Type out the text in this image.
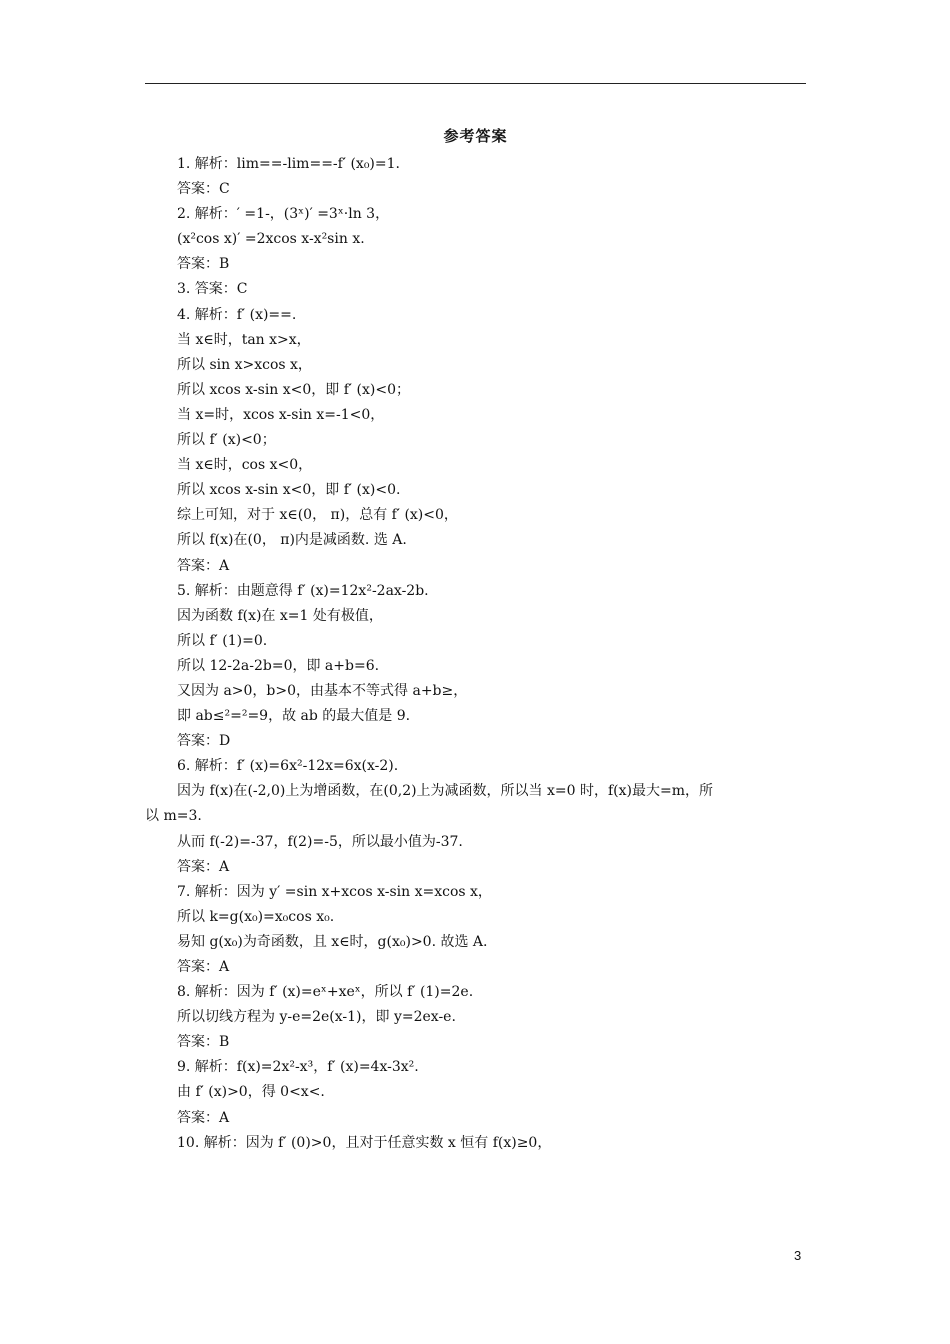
参考答案
1. 解析：lim==-lim==-f′ (x₀)=1.
答案：C
2. 解析：′ =1-，(3ˣ)′ =3ˣ·ln 3，
(x²cos x)′ =2xcos x-x²sin x.
答案：B
3. 答案：C
4. 解析：f′ (x)==.
当 x∈时，tan x>x，
所以 sin x>xcos x，
所以 xcos x-sin x<0，即 f′ (x)<0；
当 x=时，xcos x-sin x=-1<0，
所以 f′ (x)<0；
当 x∈时，cos x<0，
所以 xcos x-sin x<0，即 f′ (x)<0.
综上可知，对于 x∈(0， π)，总有 f′ (x)<0，
所以 f(x)在(0， π)内是减函数. 选 A.
答案：A
5. 解析：由题意得 f′ (x)=12x²-2ax-2b.
因为函数 f(x)在 x=1 处有极值，
所以 f′ (1)=0.
所以 12-2a-2b=0，即 a+b=6.
又因为 a>0，b>0，由基本不等式得 a+b≥，
即 ab≤²=²=9，故 ab 的最大值是 9.
答案：D
6. 解析：f′ (x)=6x²-12x=6x(x-2).
因为 f(x)在(-2,0)上为增函数，在(0,2)上为减函数，所以当 x=0 时，f(x)最大=m，所
以 m=3.
从而 f(-2)=-37，f(2)=-5，所以最小值为-37.
答案：A
7. 解析：因为 y′ =sin x+xcos x-sin x=xcos x，
所以 k=g(x₀)=x₀cos x₀.
易知 g(x₀)为奇函数，且 x∈时，g(x₀)>0. 故选 A.
答案：A
8. 解析：因为 f′ (x)=eˣ+xeˣ，所以 f′ (1)=2e.
所以切线方程为 y-e=2e(x-1)，即 y=2ex-e.
答案：B
9. 解析：f(x)=2x²-x³，f′ (x)=4x-3x².
由 f′ (x)>0，得 0<x<.
答案：A
10. 解析：因为 f′ (0)>0，且对于任意实数 x 恒有 f(x)≥0，
3
